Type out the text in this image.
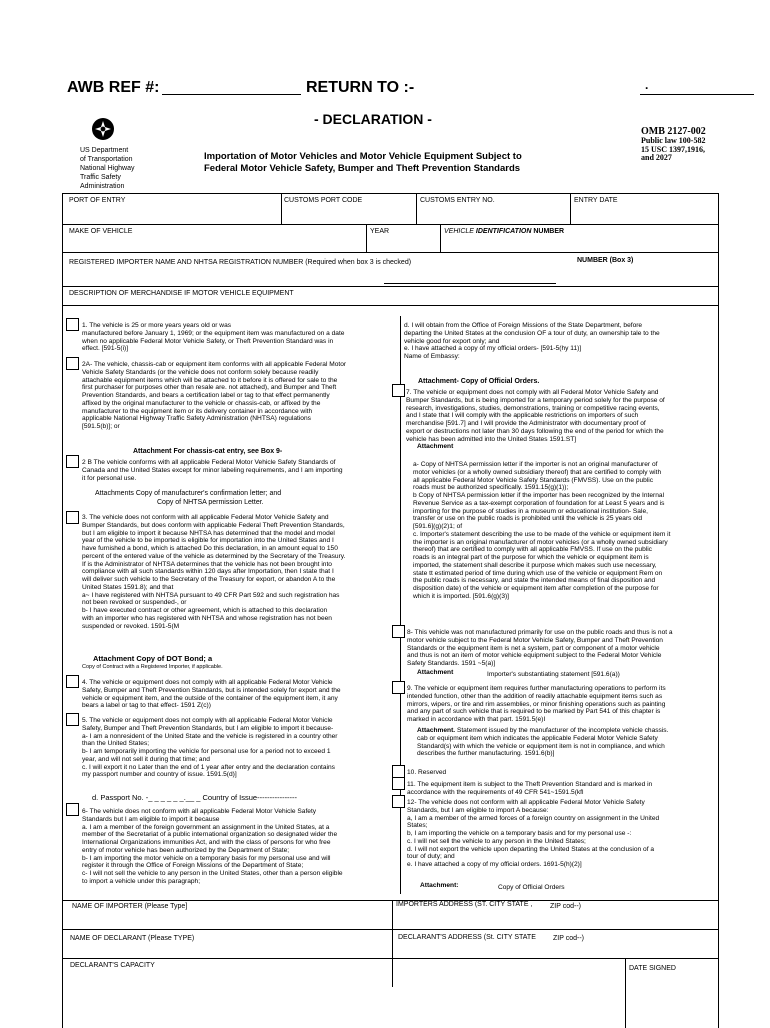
AWB REF #:	RETURN TO :-	.
- DECLARATION -
US Department
of Transportation
National Highway
Traffic Safety
Administration
Importation of Motor Vehicles and Motor Vehicle Equipment Subject to
Federal Motor Vehicle Safety, Bumper and Theft Prevention Standards
OMB 2127-002
Public law 100-582
15 USC 1397,1916,
and 2027
PORT OF ENTRY	CUSTOMS PORT CODE	CUSTOMS ENTRY NO.	ENTRY DATE
MAKE OF VEHICLE	YEAR	VEHICLE IDENTIFICATION NUMBER
REGISTERED IMPORTER NAME AND NHTSA REGISTRATION NUMBER (Required when box 3 is checked)	NUMBER (Box 3)
DESCRIPTION OF MERCHANDISE IF MOTOR VEHICLE EQUIPMENT
1. The vehicle is 25 or more years years old or was
manufactured before January 1, 1969; or the equipment item was manufactured on a date
when no applicable Federal Motor Vehicle Safety, or Theft Prevention Standard was in
effect. [591-5(i)]
2A- The vehicle, chassis-cab or equipment item conforms with all applicable Federal Motor
Vehicle Safety Standards (or the vehicle does not conform solely because readily
attachable equipment items which will be attached to it before it is offered for sale to the
first purchaser for purposes other than resale are. not attached), and Bumper and Theft
Prevention Standards, and bears a certification label or tag to that effect permanently
affixed by the original manufacturer to the vehicle or chassis-cab, or affixed by the
manufacturer to the equipment item or its delivery container in accordance with
applicable National Highway Traffic Safety Administration (NHTSA) regulations
[591.5(b)]; or
Attachment For chassis-cat entry, see Box 9-
2 B The vehicle conforms with all applicable Federal Motor Vehicle Safety Standards of
Canada and the United States except for minor labeling requirements, and I am importing
it for personal use.
Attachments Copy of manufacturer's confirmation letter; and
Copy of NHTSA permission Letter.
3. The vehicle does not conform with all applicable Federal Motor Vehicle Safety and
Bumper Standards, but does conform with applicable Federal Theft Prevention Standards,
but I am eligible to import it because NHTSA has determined that the model and model
year of the vehicle to be imported is eligible for importation into the United States and I
have furnished a bond, which is attached Do this declaration, in an amount equal to 150
percent of the entered value of the vehicle as determined by the Secretary of the Treasury.
If is the Administrator of NHTSA determines that the vehicle has not been brought into
compliance with all such standards within 120 days after Importation, then I state that I
will deliver such vehicle to the Secretary of the Treasury for export, or abandon A to the
United States 1591.8); and that
a~ I have registered with NHTSA pursuant to 49 CFR Part 592 and such registration has
not been revoked or suspended-, or
b- I have executed contract or other agreement, which is attached to this declaration
with an importer who has registered with NHTSA and whose registration has not been
suspended or revoked. 1591-5(M
Attachment Copy of DOT Bond; a
Copy of Contract with a Registered Importer, if applicable.
4. The vehicle or equipment does not comply with all applicable Federal Motor Vehicle
Safety, Bumper and Theft Prevention Standards, but is intended solely for export and the
vehicle or equipment item, and the outside of the container of the equipment item, it any
bears a label or tag to that effect- 1591 Z(c))
5. The vehicle or equipment does not comply with all applicable Federal Motor Vehicle
Safety, Bumper and Theft Prevention Standards, but I am eligible to import it because-
a- I am a nonresident of the United State and the vehicle is registered in a country other
than the United States;
b- I am temporarily importing the vehicle for personal use for a period not to exceed 1
year, and will not sell it during that time; and
c. I will export it no Later than the end of 1 year after entry and the declaration contains
my passport number and country of issue. 1591.5(d)]
d. Passport No. -_ _ _ _ _ _.__ _ Country of Issue----------------
6- The vehicle does not conform with all applicable Federal Motor Vehicle Safety
Standards but I am eligible to import it because
a. I am a member of the foreign government an assignment in the United States, at a
member of the Secretariat of a public international organization so designated wider the
International Organizations immunities Act, and with the class of persons for who free
entry of motor vehicle has been authorized by the Department of State;
b- I am importing the motor vehicle on a temporary basis for my personal use and will
register it through the Office of Foreign Missions of the Department of State;
c- I will not sell the vehicle to any person in the United States, other than a person eligible
to import a vehicle under this paragraph;
d. I will obtain from the Office of Foreign Missions of the State Department, before
departing the United States at the conclusion OF a tour of duty, an ownership tale to the
vehicle good for export only; and
e. I have attached a copy of my official orders- [591-5(hy 11)]
Name of Embassy:
Attachment- Copy of Official Orders.
7. The vehicle or equipment does not comply with all Federal Motor Vehicle Safety and
Bumper Standards, but is being imported for a temporary period solely for the purpose of
research, investigations, studies, demonstrations, training or competitive racing events,
and I state that I will comply with the applicable restrictions on importers of such
merchandise [591.7] and I will provide the Administrator with documentary proof of
export or destructions not later than 30 days following the end of the period for which the
vehicle has been admitted into the United States 1591.ST]
Attachment
a- Copy of NHTSA permission letter if the importer is not an original manufacturer of
motor vehicles (or a wholly owned subsidiary thereof) that are certified to comply with
all applicable Federal Motor Vehicle Safety Standards (FMVSS). Use on the public
roads must be authorized specifically. 1591.15(g)(1));
b Copy of NHTSA permission letter if the importer has been recognized by the Internal
Revenue Service as a tax-exempt corporation of foundation for at Least 5 years and is
importing for the purpose of studies in a museum or educational institution- Sale,
transfer or use on the public roads is prohibited until the vehicle is 25 years old
[591.6](g)(2)1; of
c. Importer's statement describing the use to be made of the vehicle or equipment item it
the importer is an original manufacturer of motor vehicles (or a wholly owned subsidiary
thereof) that are certified to comply with all applicable FMVSS. If use on the public
roads is an integral part of the purpose for which the vehicle or equipment item is
imported, the statement shall describe it purpose which makes such use necessary,
state tt estimated period of time during which use of the vehicle or equipment Rem on
the public roads is necessary, and state the intended means of final disposition and
disposition date) of the vehicle or equipment item after completion of the purpose for
which it is imported. [591.6(g)(3)]
8- This vehicle was not manufactured primarily for use on the public roads and thus is not a
motor vehicle subject to the Federal Motor Vehicle Safety, Bumper and Theft Prevention
Standards or the equipment item is net a system, part or component of a motor vehicle
and thus is not an item of motor vehicle equipment subject to the Federal Motor Vehicle
Safety Standards. 1591 ~5(a)]
Attachment	Importer's substantiating statement [591.6(a))
9. The vehicle or equipment item requires further manufacturing operations to perform its
intended function, other than the addition of readily attachable equipment items such as
mirrors, wipers, or tire and rim assemblies, or minor finishing operations such as painting
and any part of such vehicle that is required to be marked by Part 541 of this chapter is
marked in accordance with that part. 1591.5(e)I
Attachment. Statement issued by the manufacturer of the incomplete vehicle chassis.
cab or equipment item which indicates the applicable Federal Motor Vehicle Safety
Standard(s) with which the vehicle or equipment item is not in compliance, and which
describes the further manufacturing. 1591.6(b)]
10. Reserved
11. The equipment item is subject to the Theft Prevention Standard and is marked in
accordance with the requirements of 49 CFR 541~1591.5(kfl
12- The vehicle does not conform with all applicable Federal Motor Vehicle Safety
Standards, but I am eligible to import A because:
a, I am a member of the armed forces of a foreign country on assignment in the United
States;
b, I am importing the vehicle on a temporary basis and for my personal use -:
c. I will net sell the vehicle to any person in the United States;
d. I will not export the vehicle upon departing the United States at the conclusion of a
tour of duty; and
e. I have attached a copy of my official orders. 1691-5(h)(2)]
Attachment:	Copy of Official Orders
NAME OF IMPORTER (Please Type]	IMPORTERS ADDRESS (ST. CITY STATE ,	ZIP cod--)
NAME OF DECLARANT (Please TYPE)	DECLARANT'S ADDRESS (St. CITY STATE ZIP cod--)
DECLARANT'S CAPACITY	DATE SIGNED
